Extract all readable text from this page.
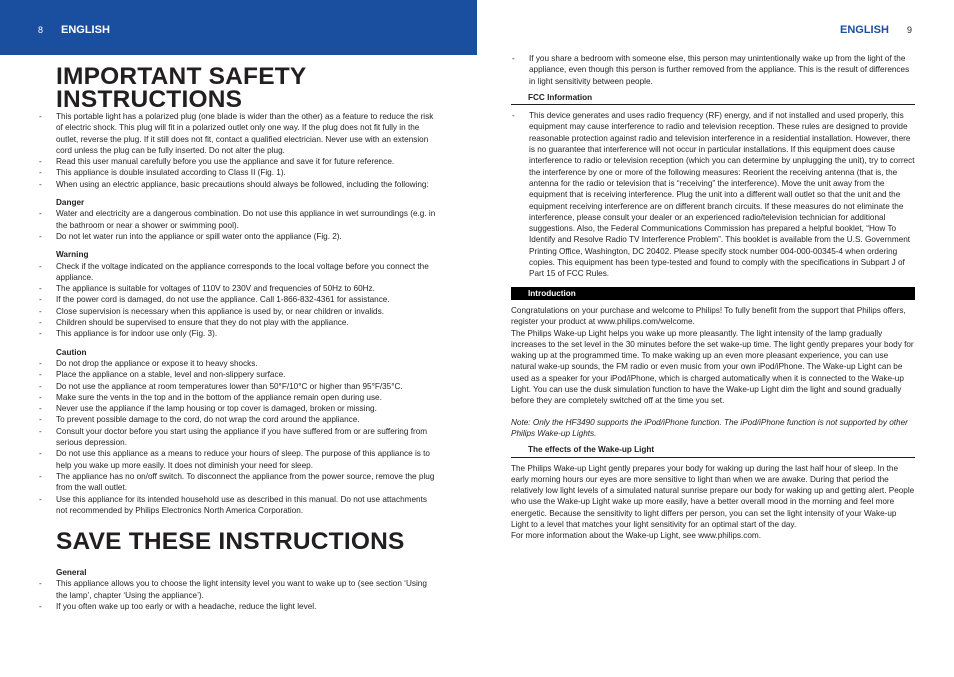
8 ENGLISH	ENGLISH 9
IMPORTANT SAFETY INSTRUCTIONS
- This portable light has a polarized plug (one blade is wider than the other) as a feature to reduce the risk of electric shock. This plug will fit in a polarized outlet only one way. If the plug does not fit fully in the outlet, reverse the plug. If it still does not fit, contact a qualified electrician. Never use with an extension cord unless the plug can be fully inserted. Do not alter the plug.
- Read this user manual carefully before you use the appliance and save it for future reference.
- This appliance is double insulated according to Class II (Fig. 1).
- When using an electric appliance, basic precautions should always be followed, including the following:
Danger
- Water and electricity are a dangerous combination. Do not use this appliance in wet surroundings (e.g. in the bathroom or near a shower or swimming pool).
- Do not let water run into the appliance or spill water onto the appliance (Fig. 2).
Warning
- Check if the voltage indicated on the appliance corresponds to the local voltage before you connect the appliance.
- The appliance is suitable for voltages of 110V to 230V and frequencies of 50Hz to 60Hz.
- If the power cord is damaged, do not use the appliance. Call 1-866-832-4361 for assistance.
- Close supervision is necessary when this appliance is used by, or near children or invalids.
- Children should be supervised to ensure that they do not play with the appliance.
- This appliance is for indoor use only (Fig. 3).
Caution
- Do not drop the appliance or expose it to heavy shocks.
- Place the appliance on a stable, level and non-slippery surface.
- Do not use the appliance at room temperatures lower than 50°F/10°C or higher than 95°F/35°C.
- Make sure the vents in the top and in the bottom of the appliance remain open during use.
- Never use the appliance if the lamp housing or top cover is damaged, broken or missing.
- To prevent possible damage to the cord, do not wrap the cord around the appliance.
- Consult your doctor before you start using the appliance if you have suffered from or are suffering from serious depression.
- Do not use this appliance as a means to reduce your hours of sleep. The purpose of this appliance is to help you wake up more easily. It does not diminish your need for sleep.
- The appliance has no on/off switch. To disconnect the appliance from the power source, remove the plug from the wall outlet.
- Use this appliance for its intended household use as described in this manual. Do not use attachments not recommended by Philips Electronics North America Corporation.
SAVE THESE INSTRUCTIONS
General
- This appliance allows you to choose the light intensity level you want to wake up to (see section ‘Using the lamp’, chapter ‘Using the appliance’).
- If you often wake up too early or with a headache, reduce the light level.
- If you share a bedroom with someone else, this person may unintentionally wake up from the light of the appliance, even though this person is further removed from the appliance. This is the result of differences in light sensitivity between people.
FCC Information
- This device generates and uses radio frequency (RF) energy, and if not installed and used properly, this equipment may cause interference to radio and television reception. These rules are designed to provide reasonable protection against radio and television interference in a residential installation. However, there is no guarantee that interference will not occur in particular installations. If this equipment does cause interference to radio or television reception (which you can determine by unplugging the unit), try to correct the interference by one or more of the following measures: Reorient the receiving antenna (that is, the antenna for the radio or television that is “receiving” the interference). Move the unit away from the equipment that is receiving interference. Plug the unit into a different wall outlet so that the unit and the equipment receiving interference are on different branch circuits. If these measures do not eliminate the interference, please consult your dealer or an experienced radio/television technician for additional suggestions. Also, the Federal Communications Commission has prepared a helpful booklet, “How To Identify and Resolve Radio TV Interference Problem”. This booklet is available from the U.S. Government Printing Office, Washington, DC 20402. Please specify stock number 004-000-00345-4 when ordering copies. This equipment has been type-tested and found to comply with the specifications in Subpart J of Part 15 of FCC Rules.
Introduction

Congratulations on your purchase and welcome to Philips! To fully benefit from the support that Philips offers, register your product at www.philips.com/welcome.

The Philips Wake-up Light helps you wake up more pleasantly. The light intensity of the lamp gradually increases to the set level in the 30 minutes before the set wake-up time. The light gently prepares your body for waking up at the programmed time. To make waking up an even more pleasant experience, you can use natural wake-up sounds, the FM radio or even music from your own iPod/iPhone. The Wake-up Light can be used as a speaker for your iPod/iPhone, which is charged automatically when it is connected to the Wake-up Light. You can use the dusk simulation function to have the Wake-up Light dim the light and sound gradually before they are completely switched off at the time you set.

Note: Only the HF3490 supports the iPod/iPhone function. The iPod/iPhone function is not supported by other Philips Wake-up Lights.

The effects of the Wake-up Light

The Philips Wake-up Light gently prepares your body for waking up during the last half hour of sleep. In the early morning hours our eyes are more sensitive to light than when we are awake. During that period the relatively low light levels of a simulated natural sunrise prepare our body for waking up and getting alert. People who use the Wake-up Light wake up more easily, have a better overall mood in the morning and feel more energetic. Because the sensitivity to light differs per person, you can set the light intensity of your Wake-up Light to a level that matches your light sensitivity for an optimal start of the day.

For more information about the Wake-up Light, see www.philips.com.
